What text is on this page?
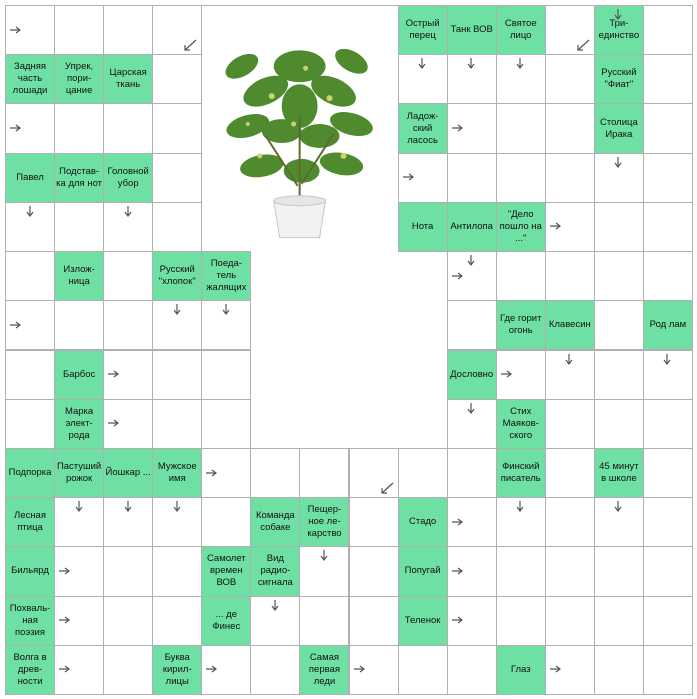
Острый перец
Танк ВОВ
Святое лицо
Три-единство
Задняя часть лошади
Упрек, пори-цание
Царская ткань
Русский "Фиат"
Ладож-ский ласось
Столица Ирака
Павел
Подстав-ка для нот
Головной убор
Нота	Антилопа
"Дело пошло на ..."
Излож-ница
Русский "хлопок"
Поеда-тель жалящих
Где горит огонь
Клавесин	Род лам
Барбос	Дословно
Марка элект-рода
Стих Маяков-ского
Подпорка
Пастуший рожок
Йошкар ...
Мужское имя
Финский писатель
45 минут в школе
Лесная птица
Команда собаке
Пещер-ное ле-карство
Стадо
Бильярд
Самолет времен ВОВ
Вид радио-сигнала
Попугай
Похваль-ная поэзия
... де Финес
Теленок
Волга в древ-ности
Буква кирил-лицы
Самая первая леди
Глаз
